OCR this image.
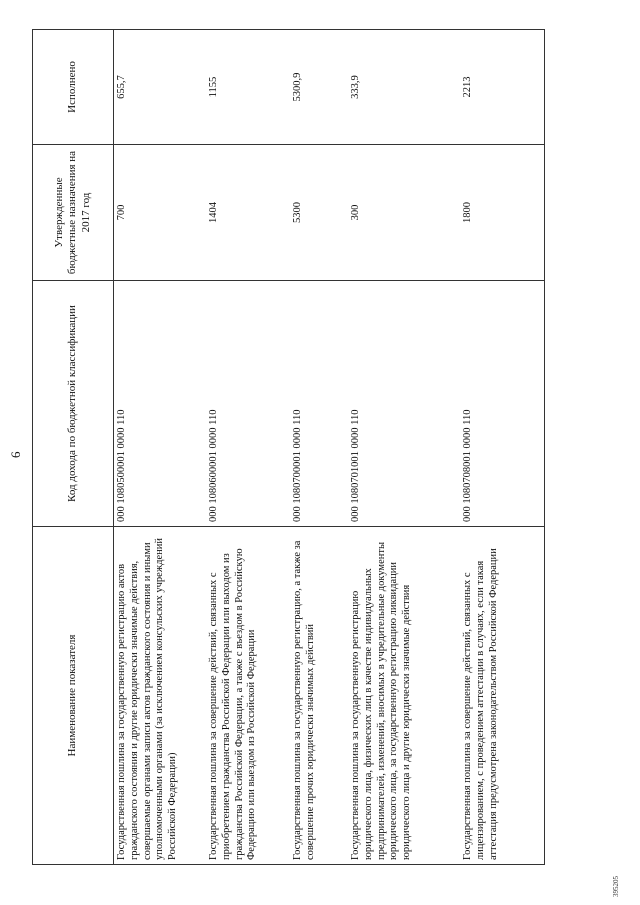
6
Наименование показателя	Код дохода по бюджетной классификации	Утвержденные бюджетные назначения на 2017 год	Исполнено
Государственная пошлина за государственную регистрацию актов гражданского состояния и другие юридически значимые действия, совершаемые органами записи актов гражданского состояния и иными уполномоченными органами (за исключением консульских учреждений Российской Федерации)	000 1080500001 0000 110	700	655,7
Государственная пошлина за совершение действий, связанных с приобретением гражданства Российской Федерации или выходом из гражданства Российской Федерации, а также с въездом в Российскую Федерацию или выездом из Российской Федерации	000 1080600001 0000 110	1404	1155
Государственная пошлина за государственную регистрацию, а также за совершение прочих юридически значимых действий	000 1080700001 0000 110	5300	5300,9
Государственная пошлина за государственную регистрацию юридического лица, физических лиц в качестве индивидуальных предпринимателей, изменений, вносимых в учредительные документы юридического лица, за государственную регистрацию ликвидации юридического лица и другие юридически значимые действия	000 1080701001 0000 110	300	333,9
Государственная пошлина за совершение действий, связанных с лицензированием, с проведением аттестации в случаях, если такая аттестация предусмотрена законодательством Российской Федерации	000 1080708001 0000 110	1800	2213
395205
